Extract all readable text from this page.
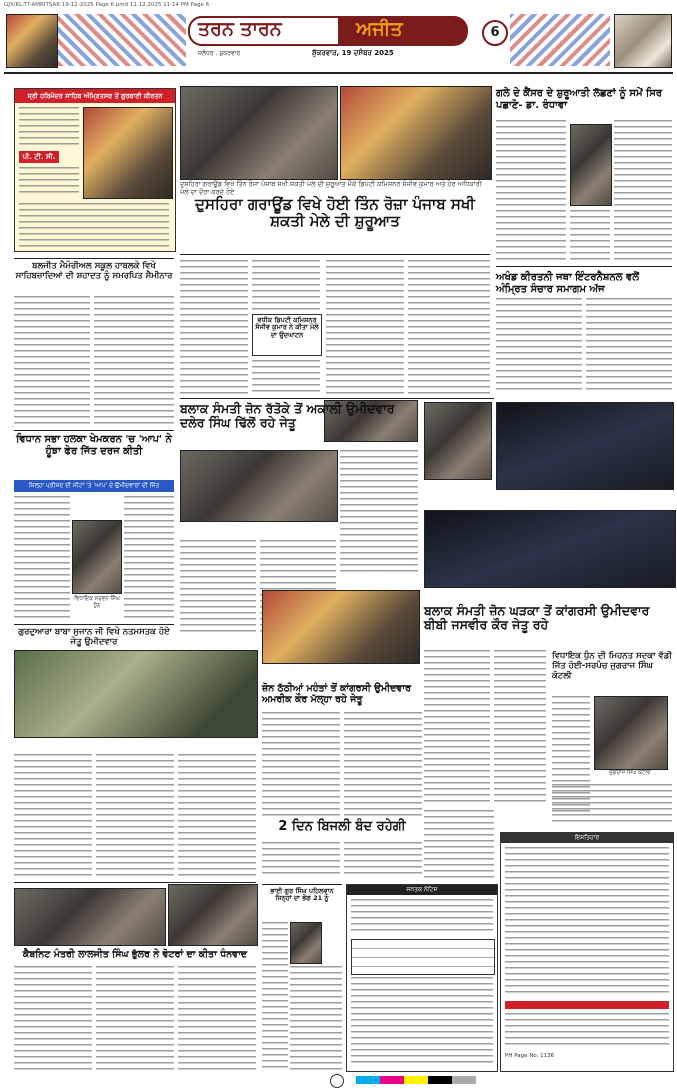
GJX/KL-TT-AMRITSAR 19-12-2025 Page 6 pmd 11.12.2025 11:14 PM Page 6
ਤਰਨ ਤਾਰਨ	ਅਜੀਤ
ਜਲੰਧਰ . ਸ਼ੁਕਰਵਾਰ	ਸ਼ੁੱਕਰਵਾਰ, 19 ਦਸੰਬਰ 2025
6
ਸ੍ਰੀ ਹਰਿਮੰਦਰ ਸਾਹਿਬ ਅੰਮ੍ਰਿਤਸਰ ਤੋਂ ਗੁਰਬਾਣੀ ਕੀਰਤਨ
ਪੀ. ਟੀ. ਸੀ.
ਦੁਸਹਿਰਾ ਗਰਾਊਂਡ ਵਿਖੇ ਤਿੰਨ ਰੋਜ਼ਾ ਪੰਜਾਬ ਸਖੀ ਸ਼ਕਤੀ ਮੇਲੇ ਦੀ ਸ਼ੁਰੂਆਤ ਮੌਕੇ ਡਿਪਟੀ ਕਮਿਸ਼ਨਰ ਸੰਜੀਵ ਕੁਮਾਰ ਅਤੇ ਹੋਰ ਅਧਿਕਾਰੀ ਮੇਲੇ ਦਾ ਦੌਰਾ ਕਰਦੇ ਹੋਏ
ਦੁਸਹਿਰਾ ਗਰਾਊਂਡ ਵਿਖੇ ਹੋਈ ਤਿੰਨ ਰੋਜ਼ਾ ਪੰਜਾਬ ਸਖੀ ਸ਼ਕਤੀ ਮੇਲੇ ਦੀ ਸ਼ੁਰੂਆਤ
ਵਧੀਕ ਡਿਪਟੀ ਕਮਿਸ਼ਨਰ ਸੰਜੀਵ ਕੁਮਾਰ ਨੇ ਕੀਤਾ ਮੇਲੇ ਦਾ ਉਦਘਾਟਨ
ਗਲੇ ਦੇ ਕੈਂਸਰ ਦੇ ਸ਼ੁਰੂਆਤੀ ਲੱਛਣਾਂ ਨੂੰ ਸਮੇਂ ਸਿਰ ਪਛਾਣੋ- ਡਾ. ਰੰਧਾਵਾ
ਅਖੰਡ ਕੀਰਤਨੀ ਜਥਾ ਇੰਟਰਨੈਸ਼ਨਲ ਵਲੋਂ ਅੰਮ੍ਰਿਤ ਸੰਚਾਰ ਸਮਾਗਮ ਅੱਜ
ਬਲਜੀਤ ਮੈਮੋਰੀਅਲ ਸਕੂਲ ਹਾਬਲਕੇ ਵਿਖੇ ਸਾਹਿਬਜ਼ਾਦਿਆਂ ਦੀ ਸ਼ਹਾਦਤ ਨੂੰ ਸਮਰਪਿਤ ਸੈਮੀਨਾਰ
ਵਿਧਾਨ ਸਭਾ ਹਲਕਾ ਖੇਮਕਰਨ 'ਚ 'ਆਪ' ਨੇ ਹੂੰਝਾ ਫੇਰ ਜਿੱਤ ਦਰਜ ਕੀਤੀ
ਜ਼ਿਲ੍ਹਾ ਪ੍ਰੀਸ਼ਦ ਦੀ ਸੀਟਾਂ 'ਤੇ 'ਆਪ' ਦੇ ਉਮੀਦਵਾਰਾਂ ਦੀ ਜਿੱਤ
ਵਿਧਾਇਕ ਸਰਵਨ ਸਿੰਘ ਧੁੰਨ
ਗੁਰਦੁਆਰਾ ਬਾਬਾ ਸੁਜਾਨ ਜੀ ਵਿਖੇ ਨਤਮਸਤਕ ਹੋਏ ਜੇਤੂ ਉਮੀਦਵਾਰ
ਬਲਾਕ ਸੰਮਤੀ ਜ਼ੋਨ ਰੱਤੋਕੇ ਤੋਂ ਅਕਾਲੀ ਉਮੀਦਵਾਰ ਦਲੇਰ ਸਿੰਘ ਢਿੱਲੋਂ ਰਹੇ ਜੇਤੂ
ਬਲਾਕ ਸੰਮਤੀ ਜ਼ੋਨ ਘੜਕਾ ਤੋਂ ਕਾਂਗਰਸੀ ਉਮੀਦਵਾਰ ਬੀਬੀ ਜਸਵੀਰ ਕੌਰ ਜੇਤੂ ਰਹੇ
ਜ਼ੋਨ ਠੱਠੀਆਂ ਮਹੰਤਾਂ ਤੋਂ ਕਾਂਗਰਸੀ ਉਮੀਦਵਾਰ ਅਮਰੀਕ ਕੌਰ ਮੱਲ੍ਹਾ ਰਹੇ ਜੇਤੂ
2 ਦਿਨ ਬਿਜਲੀ ਬੰਦ ਰਹੇਗੀ
ਵਿਧਾਇਕ ਧੁੰਨ ਦੀ ਮਿਹਨਤ ਸਦਕਾ ਵੱਡੀ ਜਿੱਤ ਹੋਈ-ਸਰਪੰਚ ਜੁਗਰਾਜ ਸਿੰਘ ਕੋਟਲੀ
ਜੁਗਰਾਜ ਸਿੰਘ ਕੋਟਲੀ
ਕੈਬਨਿਟ ਮੰਤਰੀ ਲਾਲਜੀਤ ਸਿੰਘ ਭੁੱਲਰ ਨੇ ਵੋਟਰਾਂ ਦਾ ਕੀਤਾ ਧੰਨਵਾਦ
ਭਾਈ ਗੁਰ ਸਿੰਘ ਪਹਿਲਵਾਨ ਜਿਨ੍ਹਾਂ ਦਾ ਭੋਗ 21 ਨੂੰ
ਜਨਤਕ ਨੋਟਿਸ
ਇਸ਼ਤਿਹਾਰ
PH Page No. 1136
